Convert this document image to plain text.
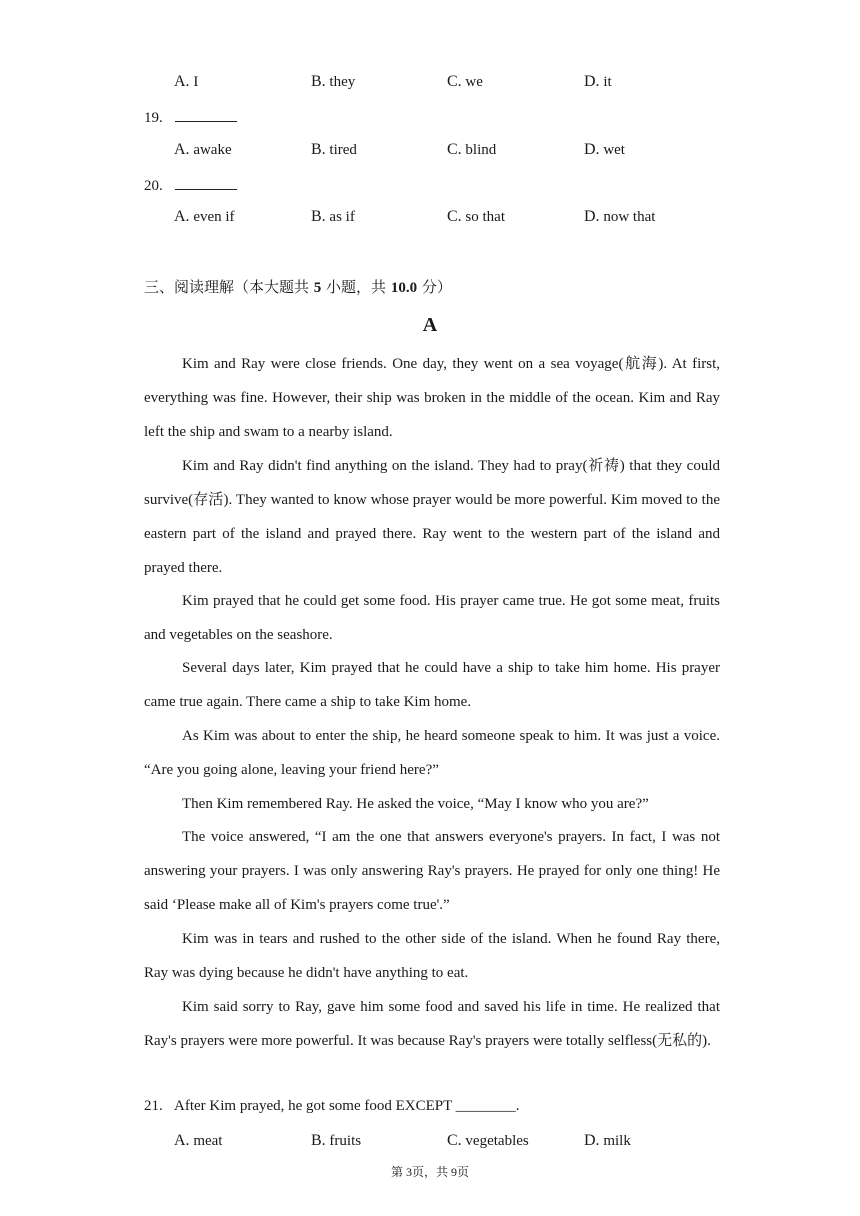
A. I	B. they	C. we	D. it
19.
A. awake	B. tired	C. blind	D. wet
20.
A. even if	B. as if	C. so that	D. now that
三、阅读理解（本大题共 5 小题，共 10.0 分）
A
Kim and Ray were close friends. One day, they went on a sea voyage(航海). At first, everything was fine. However, their ship was broken in the middle of the ocean. Kim and Ray left the ship and swam to a nearby island.
Kim and Ray didn't find anything on the island. They had to pray(祈祷) that they could survive(存活). They wanted to know whose prayer would be more powerful. Kim moved to the eastern part of the island and prayed there. Ray went to the western part of the island and prayed there.
Kim prayed that he could get some food. His prayer came true. He got some meat, fruits and vegetables on the seashore.
Several days later, Kim prayed that he could have a ship to take him home. His prayer came true again. There came a ship to take Kim home.
As Kim was about to enter the ship, he heard someone speak to him. It was just a voice. “Are you going alone, leaving your friend here?”
Then Kim remembered Ray. He asked the voice, “May I know who you are?”
The voice answered, “I am the one that answers everyone's prayers. In fact, I was not answering your prayers. I was only answering Ray's prayers. He prayed for only one thing! He said ‘Please make all of Kim's prayers come true'.”
Kim was in tears and rushed to the other side of the island. When he found Ray there, Ray was dying because he didn't have anything to eat.
Kim said sorry to Ray, gave him some food and saved his life in time. He realized that Ray's prayers were more powerful. It was because Ray's prayers were totally selfless(无私的).
21. After Kim prayed, he got some food EXCEPT ________.
A. meat	B. fruits	C. vegetables	D. milk
第 3页，共 9页
